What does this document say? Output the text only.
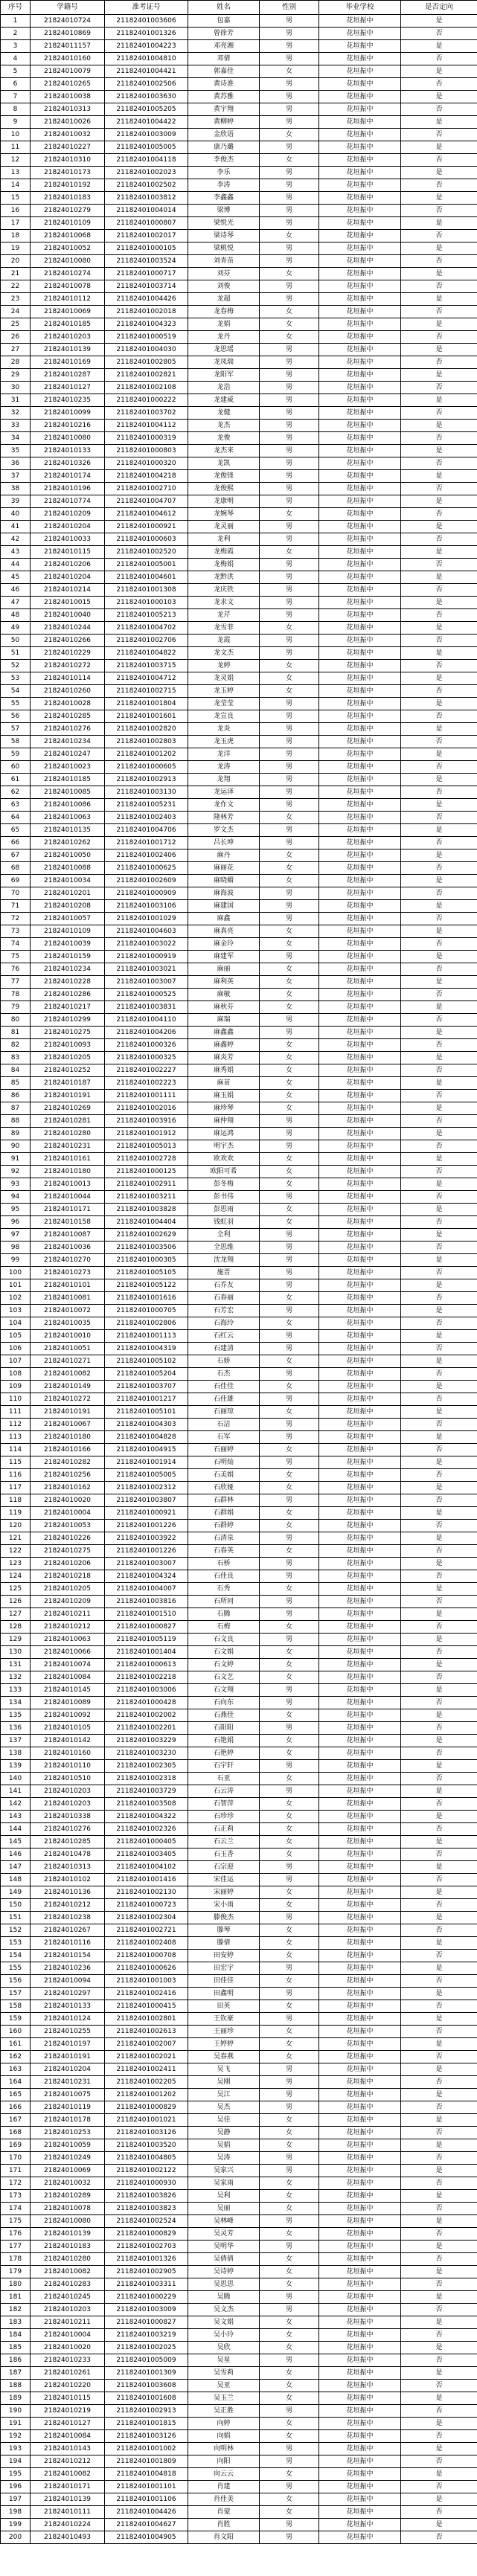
序号	学籍号	准考证号	姓名	性别	毕业学校	是否定向
1	21824010724	21182401003606	包嘉	男	花垣振中	是
2	21824010869	21182401001326	曾徐芳	男	花垣振中	否
3	21824011157	21182401004223	邓亮湘	男	花垣振中	是
4	21824010160	21182401004810	邓倩	男	花垣振中	否
5	21824010079	21182401004421	郭嘉佳	女	花垣振中	是
6	21824010265	21182401002506	黄诗淮	男	花垣振中	否
7	21824010038	21182401003630	黄苏雅	男	花垣振中	是
8	21824010313	21182401005205	黄宇翔	男	花垣振中	否
9	21824010026	21182401004422	黄柳婷	男	花垣振中	是
10	21824010032	21182401003009	金欣语	女	花垣振中	否
11	21824010227	21182401005005	康乃璐	男	花垣振中	是
12	21824010310	21182401004118	李俊杰	女	花垣振中	否
13	21824010173	21182401002023	李乐	男	花垣振中	是
14	21824010192	21182401002502	李涛	男	花垣振中	否
15	21824010183	21182401003812	李鑫鑫	男	花垣振中	是
16	21824010279	21182401004014	梁博	男	花垣振中	否
17	21824010109	21182401000807	梁悦光	男	花垣振中	是
18	21824010068	21182401002017	梁诗琴	女	花垣振中	否
19	21824010052	21182401000105	梁桃悦	男	花垣振中	是
20	21824010080	21182401003524	刘青苗	男	花垣振中	否
21	21824010274	21182401000717	刘芬	女	花垣振中	是
22	21824010078	21182401003714	刘俊	男	花垣振中	否
23	21824010112	21182401004426	龙超	男	花垣振中	是
24	21824010069	21182401002018	龙春梅	女	花垣振中	否
25	21824010185	21182401004323	龙娟	女	花垣振中	是
26	21824010203	21182401000519	龙丹	女	花垣振中	否
27	21824010139	21182401004030	龙思瑶	男	花垣振中	是
28	21824010169	21182401002805	龙凤瑞	男	花垣振中	否
29	21824010287	21182401002821	龙阳军	男	花垣振中	是
30	21824010127	21182401002108	龙浩	男	花垣振中	否
31	21824010235	21182401000222	龙建威	男	花垣振中	是
32	21824010099	21182401003702	龙健	男	花垣振中	否
33	21824010216	21182401004112	龙杰	男	花垣振中	是
34	21824010080	21182401000319	龙俊	男	花垣振中	否
35	21824010133	21182401000803	龙杰来	男	花垣振中	是
36	21824010326	21182401000320	龙凯	男	花垣振中	否
37	21824010174	21182401004218	龙俊锋	男	花垣振中	是
38	21824010196	21182401002710	龙俊熙	男	花垣振中	否
39	21824010774	21182401004707	龙康明	男	花垣振中	是
40	21824010209	21182401004612	龙婉琴	女	花垣振中	否
41	21824010204	21182401000921	龙灵丽	男	花垣振中	是
42	21824010033	21182401000603	龙利	男	花垣振中	否
43	21824010115	21182401002520	龙梅霞	女	花垣振中	是
44	21824010206	21182401005001	龙梅娟	男	花垣振中	否
45	21824010204	21182401004601	龙黔洪	男	花垣振中	是
46	21824010214	21182401001308	龙庆铁	男	花垣振中	否
47	21824010015	21182401000103	龙求文	男	花垣振中	是
48	21824010040	21182401005213	龙芹	男	花垣振中	否
49	21824010244	21182401004702	龙雪菲	女	花垣振中	是
50	21824010266	21182401002706	龙霞	男	花垣振中	否
51	21824010229	21182401004822	龙文杰	男	花垣振中	是
52	21824010272	21182401003715	龙婷	女	花垣振中	否
53	21824010114	21182401004712	龙灵娟	女	花垣振中	是
54	21824010260	21182401002715	龙玉婷	女	花垣振中	否
55	21824010028	21182401001804	龙莹莹	男	花垣振中	是
56	21824010285	21182401001601	龙宣良	男	花垣振中	否
57	21824010276	21182401002820	龙炎	男	花垣振中	是
58	21824010234	21182401002803	龙玉虎	男	花垣振中	否
59	21824010247	21182401001202	龙洋	男	花垣振中	是
60	21824010023	21182401000605	龙涛	男	花垣振中	否
61	21824010185	21182401002913	龙翔	男	花垣振中	是
62	21824010085	21182401003130	龙运泽	男	花垣振中	否
63	21824010086	21182401005231	龙作文	男	花垣振中	是
64	21824010063	21182401002403	隆林芳	女	花垣振中	否
65	21824010135	21182401004706	罗文杰	男	花垣振中	是
66	21824010262	21182401001712	吕长坤	男	花垣振中	否
67	21824010050	21182401002406	麻丹	女	花垣振中	是
68	21824010088	21182401000625	麻丽花	女	花垣振中	否
69	21824010034	21182401002609	麻晓媚	女	花垣振中	是
70	21824010201	21182401000909	麻海波	男	花垣振中	否
71	21824010208	21182401003106	麻建国	男	花垣振中	是
72	21824010057	21182401001029	麻鑫	男	花垣振中	否
73	21824010109	21182401004603	麻真亮	女	花垣振中	是
74	21824010039	21182401003022	麻金玲	女	花垣振中	否
75	21824010159	21182401000919	麻建军	男	花垣振中	是
76	21824010234	21182401003021	麻丽	女	花垣振中	否
77	21824010228	21182401003007	麻利英	女	花垣振中	是
78	21824010286	21182401000525	麻敏	女	花垣振中	否
79	21824010217	21182401003831	麻秋芬	女	花垣振中	是
80	21824010299	21182401004110	麻瑞	男	花垣振中	否
81	21824010275	21182401004206	麻鑫鑫	男	花垣振中	是
82	21824010093	21182401000326	麻鑫婷	女	花垣振中	否
83	21824010205	21182401000325	麻炎芳	女	花垣振中	是
84	21824010252	21182401002227	麻秀娟	女	花垣振中	否
85	21824010187	21182401002223	麻苗	女	花垣振中	是
86	21824010191	21182401001111	麻玉娟	女	花垣振中	否
87	21824010269	21182401002016	麻珍琴	女	花垣振中	是
88	21824010281	21182401003916	麻仲翔	男	花垣振中	否
89	21824010280	21182401001912	麻运鸿	男	花垣振中	是
90	21824010231	21182401005013	明宇杰	男	花垣振中	否
91	21824010161	21182401002728	欧欢欢	女	花垣振中	是
92	21824010180	21182401000125	欧阳可希	女	花垣振中	否
93	21824010013	21182401002911	彭冬梅	女	花垣振中	是
94	21824010044	21182401003211	彭书伟	男	花垣振中	否
95	21824010171	21182401003828	彭思雨	女	花垣振中	是
96	21824010158	21182401004404	钱虹羽	女	花垣振中	否
97	21824010087	21182401002629	全利	男	花垣振中	是
98	21824010036	21182401003506	全思维	男	花垣振中	否
99	21824010270	21182401000305	沈龙翔	男	花垣振中	是
100	21824010273	21182401005105	施晋	男	花垣振中	否
101	21824010101	21182401005122	石乔友	男	花垣振中	是
102	21824010081	21182401001616	石春丽	女	花垣振中	否
103	21824010072	21182401000705	石芳宏	男	花垣振中	是
104	21824010035	21182401002806	石海玲	女	花垣振中	否
105	21824010010	21182401001113	石红云	男	花垣振中	是
106	21824010051	21182401004319	石建清	男	花垣振中	否
107	21824010271	21182401005102	石娇	女	花垣振中	是
108	21824010082	21182401005204	石杰	男	花垣振中	否
109	21824010149	21182401003707	石佳佳	女	花垣振中	是
110	21824010272	21182401001217	石佳雄	男	花垣振中	否
111	21824010191	21182401005101	石丽琼	女	花垣振中	是
112	21824010067	21182401004303	石洁	男	花垣振中	否
113	21824010180	21182401004828	石军	男	花垣振中	是
114	21824010166	21182401004915	石丽婷	女	花垣振中	否
115	21824010282	21182401001914	石明灿	男	花垣振中	是
116	21824010256	21182401005005	石美娟	女	花垣振中	否
117	21824010162	21182401002312	石欣娅	女	花垣振中	是
118	21824010020	21182401003807	石群林	男	花垣振中	否
119	21824010004	21182401000921	石群娟	女	花垣振中	是
120	21824010053	21182401001226	石群婷	女	花垣振中	否
121	21824010226	21182401003922	石清泉	男	花垣振中	是
122	21824010275	21182401001226	石春英	女	花垣振中	否
123	21824010206	21182401003007	石桥	男	花垣振中	是
124	21824010218	21182401004324	石佳良	男	花垣振中	否
125	21824010205	21182401004007	石秀	女	花垣振中	是
126	21824010209	21182401003816	石所同	男	花垣振中	否
127	21824010211	21182401001510	石腾	男	花垣振中	是
128	21824010212	21182401000827	石梅	女	花垣振中	否
129	21824010063	21182401005119	石文良	男	花垣振中	是
130	21824010066	21182401001404	石文娟	女	花垣振中	否
131	21824010074	21182401000613	石文婷	女	花垣振中	是
132	21824010084	21182401002218	石文艺	女	花垣振中	否
133	21824010145	21182401003006	石文翔	男	花垣振中	是
134	21824010089	21182401000428	石向东	男	花垣振中	否
135	21824010092	21182401002002	石燕佳	女	花垣振中	是
136	21824010105	21182401002201	石阳阳	男	花垣振中	否
137	21824010142	21182401003229	石艳娟	女	花垣振中	是
138	21824010160	21182401003230	石艳婷	女	花垣振中	否
139	21824010110	21182401002305	石宇轩	男	花垣振中	是
140	21824010510	21182401002318	石亚	女	花垣振中	否
141	21824010203	21182401003729	石云涛	男	花垣振中	是
142	21824010203	21182401003508	石智萍	女	花垣振中	否
143	21824010338	21182401004322	石珍珍	女	花垣振中	是
144	21824010276	21182401002326	石正莉	女	花垣振中	否
145	21824010285	21182401000405	石云兰	女	花垣振中	是
146	21824010478	21182401003405	石玉香	女	花垣振中	否
147	21824010313	21182401004102	石宗迎	男	花垣振中	是
148	21824010102	21182401001416	宋佳运	男	花垣振中	否
149	21824010136	21182401002130	宋丽婷	女	花垣振中	是
150	21824010212	21182401000723	宋小雨	女	花垣振中	否
151	21824010238	21182401002304	滕俊杰	男	花垣振中	是
152	21824010267	21182401002721	滕琴	女	花垣振中	否
153	21824010116	21182401002408	滕倩	女	花垣振中	是
154	21824010154	21182401000708	田安婷	女	花垣振中	否
155	21824010236	21182401000626	田宏宇	男	花垣振中	是
156	21824010094	21182401001003	田佳佳	女	花垣振中	否
157	21824010297	21182401002416	田鑫明	男	花垣振中	是
158	21824010133	21182401000415	田英	女	花垣振中	否
159	21824010124	21182401002801	王钦豪	男	花垣振中	是
160	21824010255	21182401002613	王丽珍	女	花垣振中	否
161	21824010197	21182401002007	王婷婷	女	花垣振中	是
162	21824010191	21182401002021	吴春燕	女	花垣振中	否
163	21824010204	21182401002411	吴飞	男	花垣振中	是
164	21824010231	21182401002205	吴刚	男	花垣振中	否
165	21824010075	21182401001202	吴江	男	花垣振中	是
166	21824010119	21182401000829	吴杰	男	花垣振中	否
167	21824010178	21182401001021	吴佳	女	花垣振中	是
168	21824010253	21182401003126	吴静	女	花垣振中	否
169	21824010059	21182401003520	吴娟	女	花垣振中	是
170	21824010249	21182401004805	吴涛	男	花垣振中	否
171	21824010069	21182401002122	吴家兴	男	花垣振中	是
172	21824010032	21182401000930	吴家雨	女	花垣振中	否
173	21824010289	21182401003826	吴利	女	花垣振中	是
174	21824010078	21182401003823	吴丽	女	花垣振中	否
175	21824010080	21182401002524	吴林峰	男	花垣振中	是
176	21824010139	21182401000829	吴灵芳	女	花垣振中	否
177	21824010183	21182401002703	吴明华	男	花垣振中	是
178	21824010280	21182401001326	吴倩倩	女	花垣振中	否
179	21824010082	21182401002905	吴诗婷	女	花垣振中	是
180	21824010283	21182401003311	吴思思	女	花垣振中	否
181	21824010245	21182401000229	吴腾	男	花垣振中	是
182	21824010203	21182401003009	吴文杰	男	花垣振中	否
183	21824010211	21182401000827	吴文娟	女	花垣振中	是
184	21824010004	21182401003219	吴小玲	女	花垣振中	否
185	21824010020	21182401002025	吴欣	女	花垣振中	是
186	21824010233	21182401005009	吴星	男	花垣振中	否
187	21824010261	21182401001309	吴雪莉	女	花垣振中	是
188	21824010220	21182401003608	吴亚	女	花垣振中	否
189	21824010115	21182401001608	吴玉兰	女	花垣振中	是
190	21824010219	21182401002913	吴正胜	男	花垣振中	否
191	21824010127	21182401001815	向婷	女	花垣振中	是
192	21824010084	21182401003126	向娟	女	花垣振中	否
193	21824010143	21182401001002	向明林	男	花垣振中	是
194	21824010212	21182401001809	向阳	男	花垣振中	否
195	21824010082	21182401004818	向云云	女	花垣振中	是
196	21824010171	21182401001101	肖建	男	花垣振中	否
197	21824010139	21182401001106	肖佳美	女	花垣振中	是
198	21824010111	21182401004426	肖蒙	女	花垣振中	否
199	21824010224	21182401004627	肖胜	男	花垣振中	是
200	21824010493	21182401004905	肖文阳	男	花垣振中	否
